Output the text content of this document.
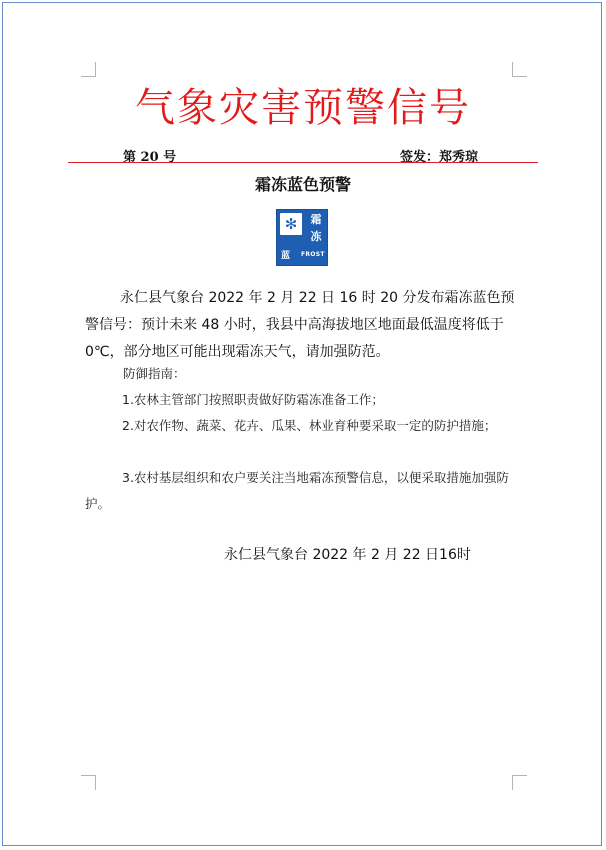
气象灾害预警信号
第 20 号	签发：郑秀琼
霜冻蓝色预警
✻	霜
冻
蓝 FROST
永仁县气象台 2022 年 2 月 22 日 16 时 20 分发布霜冻蓝色预警信号：预计未来 48 小时，我县中高海拔地区地面最低温度将低于 0℃，部分地区可能出现霜冻天气，请加强防范。
防御指南：
1.农林主管部门按照职责做好防霜冻准备工作；
2.对农作物、蔬菜、花卉、瓜果、林业育种要采取一定的防护措施；
3.农村基层组织和农户要关注当地霜冻预警信息，以便采取措施加强防护。
永仁县气象台 2022 年 2 月 22 日16时
